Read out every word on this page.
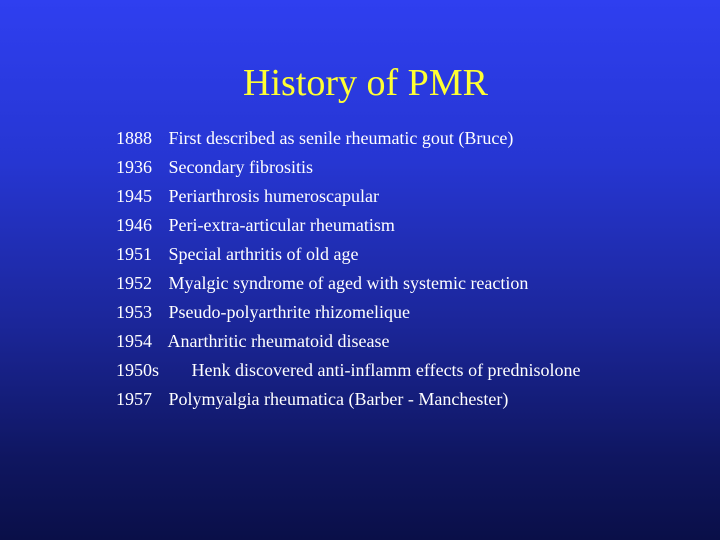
History of PMR
1888 First described as senile rheumatic gout (Bruce)
1936 Secondary fibrositis
1945 Periarthrosis humeroscapular
1946 Peri-extra-articular rheumatism
1951 Special arthritis of old age
1952 Myalgic syndrome of aged with systemic reaction
1953 Pseudo-polyarthrite rhizomelique
1954 Anarthritic rheumatoid disease
1950s Henk discovered anti-inflamm effects of prednisolone
1957 Polymyalgia rheumatica (Barber - Manchester)
